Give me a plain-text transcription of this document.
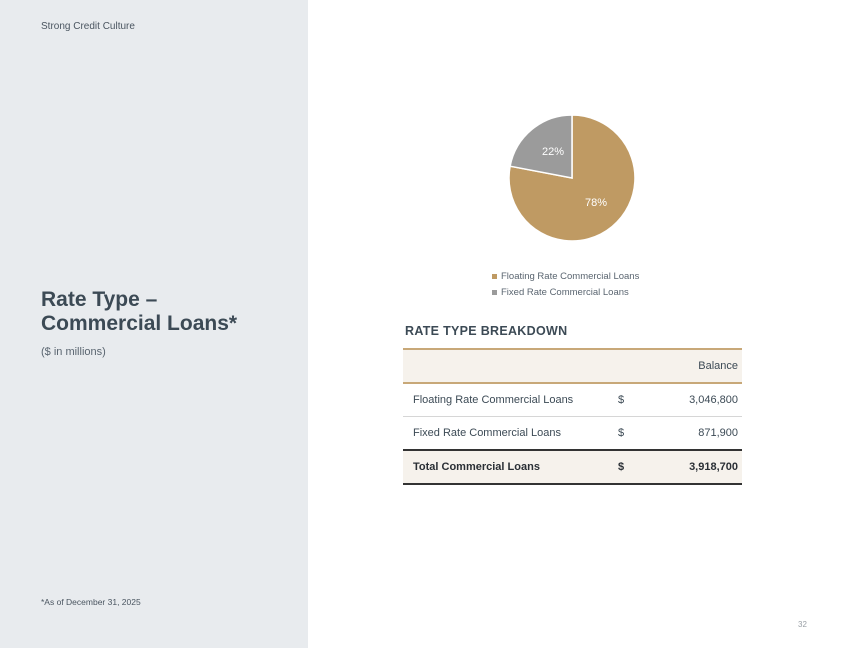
Strong Credit Culture
Rate Type –
Commercial Loans*
($ in millions)
*As of December 31, 2025
78%
22%
Floating Rate Commercial Loans
Fixed Rate Commercial Loans
RATE TYPE BREAKDOWN
		Balance
Floating Rate Commercial Loans	$	3,046,800
Fixed Rate Commercial Loans	$	871,900
Total Commercial Loans	$	3,918,700
32
